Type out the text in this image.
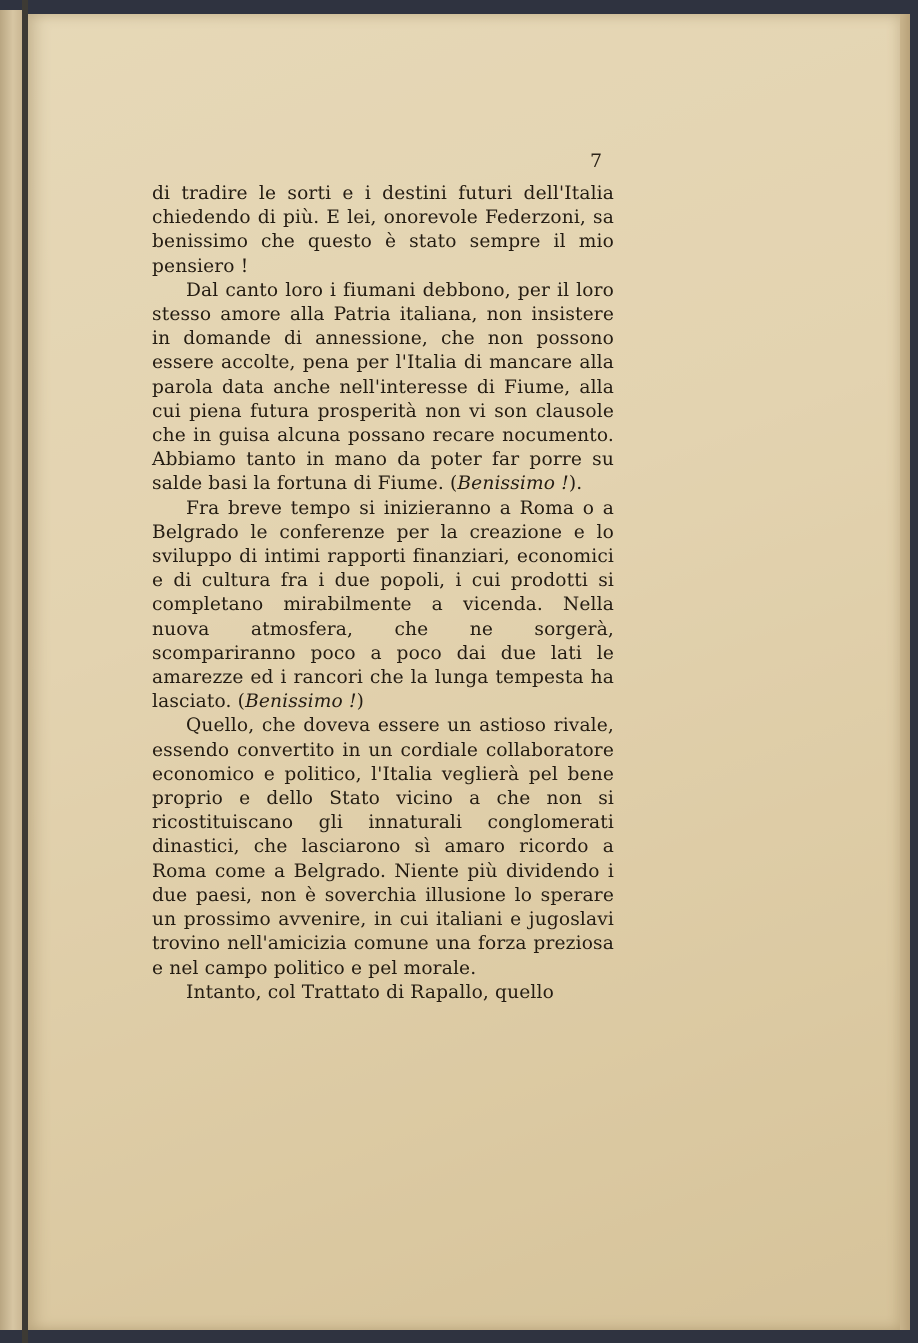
7

di tradire le sorti e i destini futuri dell'Italia chiedendo di più. E lei, onorevole Federzoni, sa benissimo che questo è stato sempre il mio pensiero !

Dal canto loro i fiumani debbono, per il loro stesso amore alla Patria italiana, non insistere in domande di annessione, che non possono essere accolte, pena per l'Italia di mancare alla parola data anche nell'interesse di Fiume, alla cui piena futura prosperità non vi son clausole che in guisa alcuna possano recare nocumento. Abbiamo tanto in mano da poter far porre su salde basi la fortuna di Fiume. (Benissimo !).

Fra breve tempo si inizieranno a Roma o a Belgrado le conferenze per la creazione e lo sviluppo di intimi rapporti finanziari, economici e di cultura fra i due popoli, i cui prodotti si completano mirabilmente a vicenda. Nella nuova atmosfera, che ne sorgerà, scompariranno poco a poco dai due lati le amarezze ed i rancori che la lunga tempesta ha lasciato. (Benissimo !)

Quello, che doveva essere un astioso rivale, essendo convertito in un cordiale collaboratore economico e politico, l'Italia veglierà pel bene proprio e dello Stato vicino a che non si ricostituiscano gli innaturali conglomerati dinastici, che lasciarono sì amaro ricordo a Roma come a Belgrado. Niente più dividendo i due paesi, non è soverchia illusione lo sperare un prossimo avvenire, in cui italiani e jugoslavi trovino nell'amicizia comune una forza preziosa e nel campo politico e pel morale.

Intanto, col Trattato di Rapallo, quello
